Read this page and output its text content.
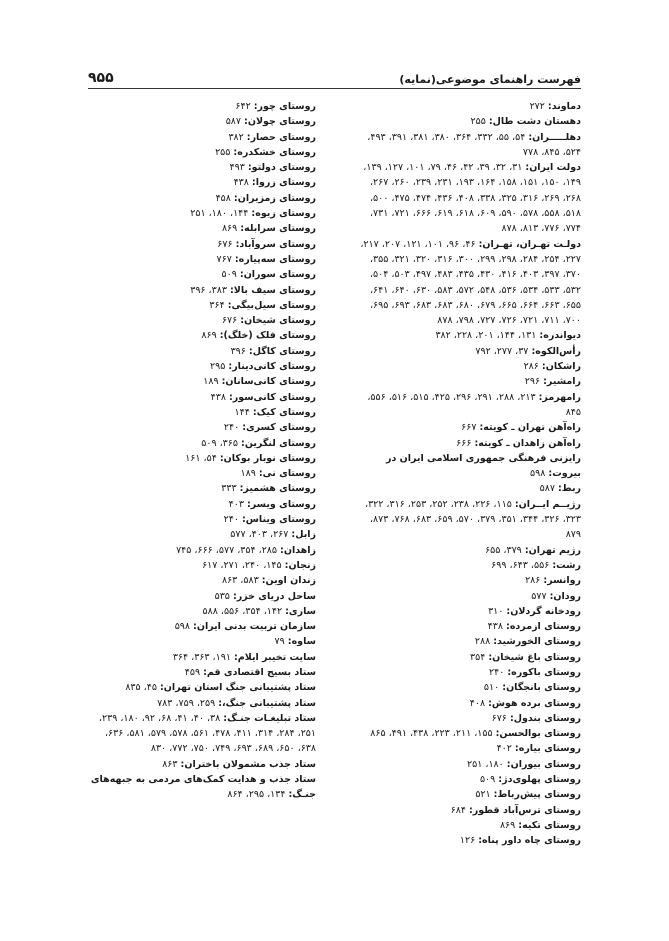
۹۵۵	فهرست راهنمای موضوعی(نمایه)

دماوند: ۲۷۲

دهستان دشت طال: ۲۵۵

دهلـــــران: ۵۴، ۵۵، ۳۳۲، ۳۶۴، ۳۸۰، ۳۸۱، ۳۹۱، ۴۹۳، ۵۲۴، ۸۴۵، ۷۷۸

دولت ایران: ۳۱، ۳۲، ۳۹، ۴۲، ۴۶، ۷۹، ۱۰۱، ۱۲۷، ۱۳۹، ۱۴۹، ۱۵۰، ۱۵۱، ۱۵۸، ۱۶۴، ۱۹۳، ۲۳۱، ۲۳۹، ۲۶۰، ۲۶۷، ۲۶۸، ۲۶۹، ۳۱۶، ۳۲۵، ۳۳۸، ۴۰۸، ۴۳۶، ۴۷۴، ۴۷۵، ۵۰۰، ۵۱۸، ۵۵۸، ۵۷۸، ۵۹۰، ۶۰۹، ۶۱۸، ۶۱۹، ۶۶۶، ۷۲۱، ۷۳۱، ۷۷۴، ۷۷۶، ۸۱۳، ۸۷۸

دولـت تهـران، تهـران: ۴۶، ۹۶، ۱۰۱، ۱۲۱، ۲۰۷، ۲۱۷، ۲۲۷، ۲۵۴، ۲۸۴، ۲۹۸، ۲۹۹، ۳۰۰، ۳۱۶، ۳۲۰، ۳۲۱، ۳۵۵، ۳۷۰، ۳۹۷، ۴۰۳، ۴۱۶، ۴۳۰، ۴۳۵، ۴۸۳، ۴۹۷، ۵۰۳، ۵۰۴، ۵۳۲، ۵۳۳، ۵۳۴، ۵۳۶، ۵۴۸، ۵۷۲، ۵۸۳، ۶۳۰، ۶۴۰، ۶۴۱، ۶۵۵، ۶۶۳، ۶۶۴، ۶۶۵، ۶۷۹، ۶۸۰، ۶۸۳، ۶۸۳، ۶۹۳، ۶۹۵، ۷۰۰، ۷۱۱، ۷۲۱، ۷۲۶، ۷۲۷، ۷۹۸، ۸۷۸

دیواندره: ۱۳۱، ۱۴۴، ۲۰۱، ۲۲۸، ۳۸۲

رأس‌الکوه: ۳۷، ۲۷۷، ۷۹۲

راشکان: ۲۸۶

رامشیر: ۲۹۶

رامهرمز: ۲۱۳، ۲۸۸، ۲۹۱، ۲۹۶، ۴۲۵، ۵۱۵، ۵۱۶، ۵۵۶، ۸۴۵

راه‌آهن تهران ـ کویته: ۶۶۷

راه‌آهن زاهدان ـ کویته: ۶۶۶

رایزنی فرهنگی جمهوری اسلامی ایران در بیروت: ۵۹۸

ربط: ۵۸۷

رژیــم ایــران: ۱۱۵، ۲۲۶، ۲۳۸، ۲۵۲، ۲۵۳، ۳۱۶، ۳۲۲، ۳۲۳، ۳۲۶، ۳۴۴، ۳۵۱، ۳۷۹، ۵۷۰، ۶۵۹، ۶۸۳، ۷۶۸، ۸۷۳، ۸۷۹

رژیم تهران: ۳۷۹، ۶۵۵

رشت: ۵۵۶، ۶۴۳، ۶۹۹

روانسر: ۲۸۶

رودان: ۵۷۷

رودخانه گردلان: ۳۱۰

روستای ازمرده: ۴۳۸

روستای الخورشید: ۲۸۸

روستای باغ شیخان: ۳۵۴

روستای باکوره: ۲۴۰

روستای بانجگان: ۵۱۰

روستای برده هوش: ۴۰۸

روستای بندول: ۶۷۶

روستای بوالحسن: ۱۵۵، ۲۱۱، ۲۲۳، ۴۳۸، ۴۹۱، ۸۶۵

روستای بیاره: ۴۰۲

روستای بیوران: ۱۸۰، ۲۵۱

روستای پهلوی‌دژ: ۵۰۹

روستای پیش‌رباط: ۵۲۱

روستای ترس‌آباد قطور: ۶۸۴

روستای تکیه: ۸۶۹

روستای چاه داور پناه: ۱۲۶

روستای چور: ۶۴۲

روستای چولان: ۵۸۷

روستای حصار: ۳۸۲

روستای خشکدره: ۲۵۵

روستای دولتو: ۴۹۳

روستای زروا: ۴۳۸

روستای زمزیران: ۴۵۸

روستای زیوه: ۱۴۴، ۱۸۰، ۲۵۱

روستای سرابله: ۸۶۹

روستای سروآباد: ۶۷۶

روستای سه‌پیاره: ۷۶۷

روستای سوران: ۵۰۹

روستای سیف بالا: ۳۸۳، ۳۹۶

روستای سیل‌بیگی: ۳۶۴

روستای شیخان: ۶۷۶

روستای فلک (خلگ): ۸۶۹

روستای کاگل: ۳۹۶

روستای کانی‌دینار: ۲۹۵

روستای کانی‌سانان: ۱۸۹

روستای کانی‌سور: ۴۳۸

روستای کیک: ۱۴۴

روستای کسری: ۲۴۰

روستای لنگرین: ۳۶۵، ۵۰۹

روستای نوبار بوکان: ۵۴، ۱۶۱

روستای نی: ۱۸۹

روستای هشمیز: ۳۳۳

روستای ویسر: ۴۰۳

روستای ویناس: ۲۴۰

زابل: ۲۶۷، ۴۰۳، ۵۷۷

زاهدان: ۲۸۵، ۳۵۴، ۵۷۷، ۶۶۶، ۷۴۵

زنجان: ۱۴۵، ۲۴۰، ۲۷۱، ۶۱۷

زندان اوین: ۵۸۳، ۸۶۳

ساحل دریای خزر: ۵۳۵

ساری: ۱۴۲، ۳۵۴، ۵۵۶، ۵۸۸

سازمان تربیت بدنی ایران: ۵۹۸

ساوه: ۷۹

سایت تخیبر ایلام: ۱۹۱، ۳۶۳، ۳۶۴

ستاد بسیج اقتصادی قم: ۴۵۹

ستاد پشتیبانی جنگ استان تهران: ۴۵، ۸۳۵

ستاد پشتیبانی جنگ،: ۲۵۹، ۷۵۹، ۷۸۳

ستاد تبلیغـات جنـگ: ۳۸، ۴۰، ۴۱، ۶۸، ۹۲، ۱۸۰، ۲۳۹، ۲۵۱، ۲۸۴، ۳۱۴، ۴۱۱، ۴۷۸، ۵۶۱، ۵۷۸، ۵۷۹، ۵۸۱، ۶۳۶، ۶۳۸، ۶۵۰، ۶۸۹، ۶۹۳، ۷۴۹، ۷۵۰، ۷۷۲، ۸۳۰

ستاد جذب مشمولان باختران: ۸۶۳

ستاد جذب و هدایت کمک‌های مردمی به جبهه‌های جنـگ: ۱۳۴، ۲۹۵، ۸۶۴
